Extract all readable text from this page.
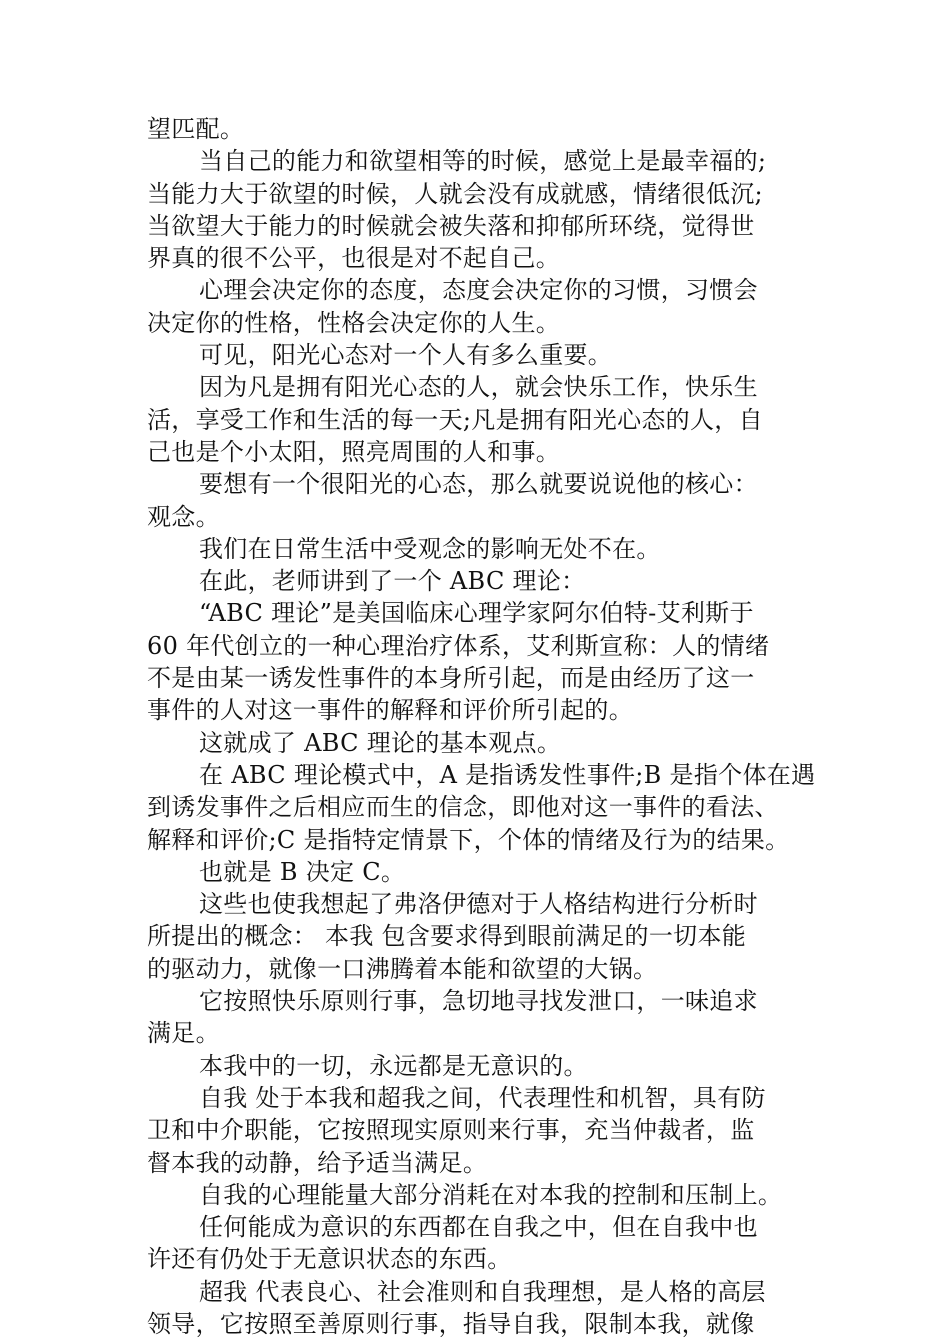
望匹配。
当自己的能力和欲望相等的时候，感觉上是最幸福的;
当能力大于欲望的时候，人就会没有成就感，情绪很低沉;
当欲望大于能力的时候就会被失落和抑郁所环绕，觉得世
界真的很不公平，也很是对不起自己。
心理会决定你的态度，态度会决定你的习惯，习惯会
决定你的性格，性格会决定你的人生。
可见，阳光心态对一个人有多么重要。
因为凡是拥有阳光心态的人，就会快乐工作，快乐生
活，享受工作和生活的每一天;凡是拥有阳光心态的人，自
己也是个小太阳，照亮周围的人和事。
要想有一个很阳光的心态，那么就要说说他的核心：
观念。
我们在日常生活中受观念的影响无处不在。
在此，老师讲到了一个 ABC 理论：
“ABC 理论”是美国临床心理学家阿尔伯特-艾利斯于
60 年代创立的一种心理治疗体系，艾利斯宣称：人的情绪
不是由某一诱发性事件的本身所引起，而是由经历了这一
事件的人对这一事件的解释和评价所引起的。
这就成了 ABC 理论的基本观点。
在 ABC 理论模式中，A 是指诱发性事件;B 是指个体在遇
到诱发事件之后相应而生的信念，即他对这一事件的看法、
解释和评价;C 是指特定情景下，个体的情绪及行为的结果。
也就是 B 决定 C。
这些也使我想起了弗洛伊德对于人格结构进行分析时
所提出的概念： 本我 包含要求得到眼前满足的一切本能
的驱动力，就像一口沸腾着本能和欲望的大锅。
它按照快乐原则行事，急切地寻找发泄口，一味追求
满足。
本我中的一切，永远都是无意识的。
自我 处于本我和超我之间，代表理性和机智，具有防
卫和中介职能，它按照现实原则来行事，充当仲裁者，监
督本我的动静，给予适当满足。
自我的心理能量大部分消耗在对本我的控制和压制上。
任何能成为意识的东西都在自我之中，但在自我中也
许还有仍处于无意识状态的东西。
超我 代表良心、社会准则和自我理想，是人格的高层
领导，它按照至善原则行事，指导自我，限制本我，就像
